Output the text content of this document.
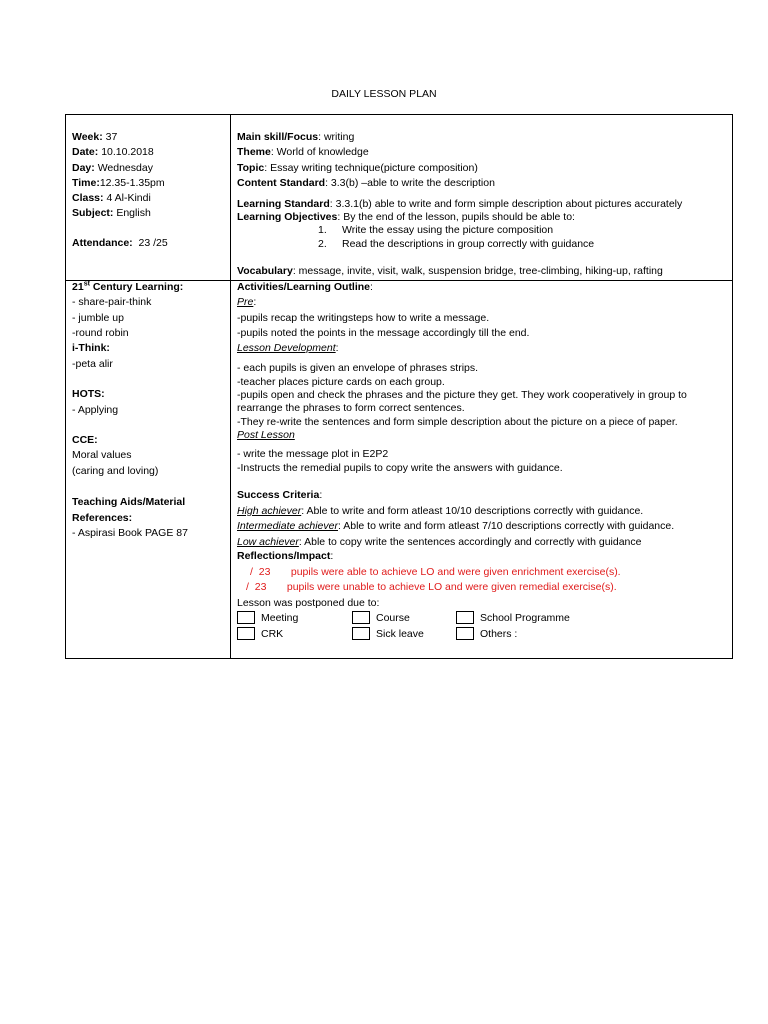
DAILY LESSON PLAN
Week: 37
Date: 10.10.2018
Day: Wednesday
Time:12.35-1.35pm
Class: 4 Al-Kindi
Subject: English
Attendance: 23 /25
Main skill/Focus: writing
Theme: World of knowledge
Topic: Essay writing technique(picture composition)
Content Standard: 3.3(b) –able to write the description
Learning Standard: 3.3.1(b) able to write and form simple description about pictures accurately
Learning Objectives: By the end of the lesson, pupils should be able to:
1. Write the essay using the picture composition
2. Read the descriptions in group correctly with guidance
Vocabulary: message, invite, visit, walk, suspension bridge, tree-climbing, hiking-up, rafting
21st Century Learning:
- share-pair-think
- jumble up
-round robin
i-Think:
-peta alir
HOTS:
- Applying
CCE:
Moral values
(caring and loving)
Teaching Aids/Material
References:
- Aspirasi Book PAGE 87
Activities/Learning Outline:
Pre:
-pupils recap the writingsteps how to write a message.
-pupils noted the points in the message accordingly till the end.
Lesson Development:
- each pupils is given an envelope of phrases strips.
-teacher places picture cards on each group.
-pupils open and check the phrases and the picture they get. They work cooperatively in group to
rearrange the phrases to form correct sentences.
-They re-write the sentences and form simple description about the picture on a piece of paper.
Post Lesson
- write the message plot in E2P2
-Instructs the remedial pupils to copy write the answers with guidance.
Success Criteria:
High achiever: Able to write and form atleast 10/10 descriptions correctly with guidance.
Intermediate achiever: Able to write and form atleast 7/10 descriptions correctly with guidance.
Low achiever: Able to copy write the sentences accordingly and correctly with guidance
Reflections/Impact:
/  23       pupils were able to achieve LO and were given enrichment exercise(s).
/  23       pupils were unable to achieve LO and were given remedial exercise(s).
Lesson was postponed due to:
Meeting	Course	School Programme
CRK	Sick leave	Others :
